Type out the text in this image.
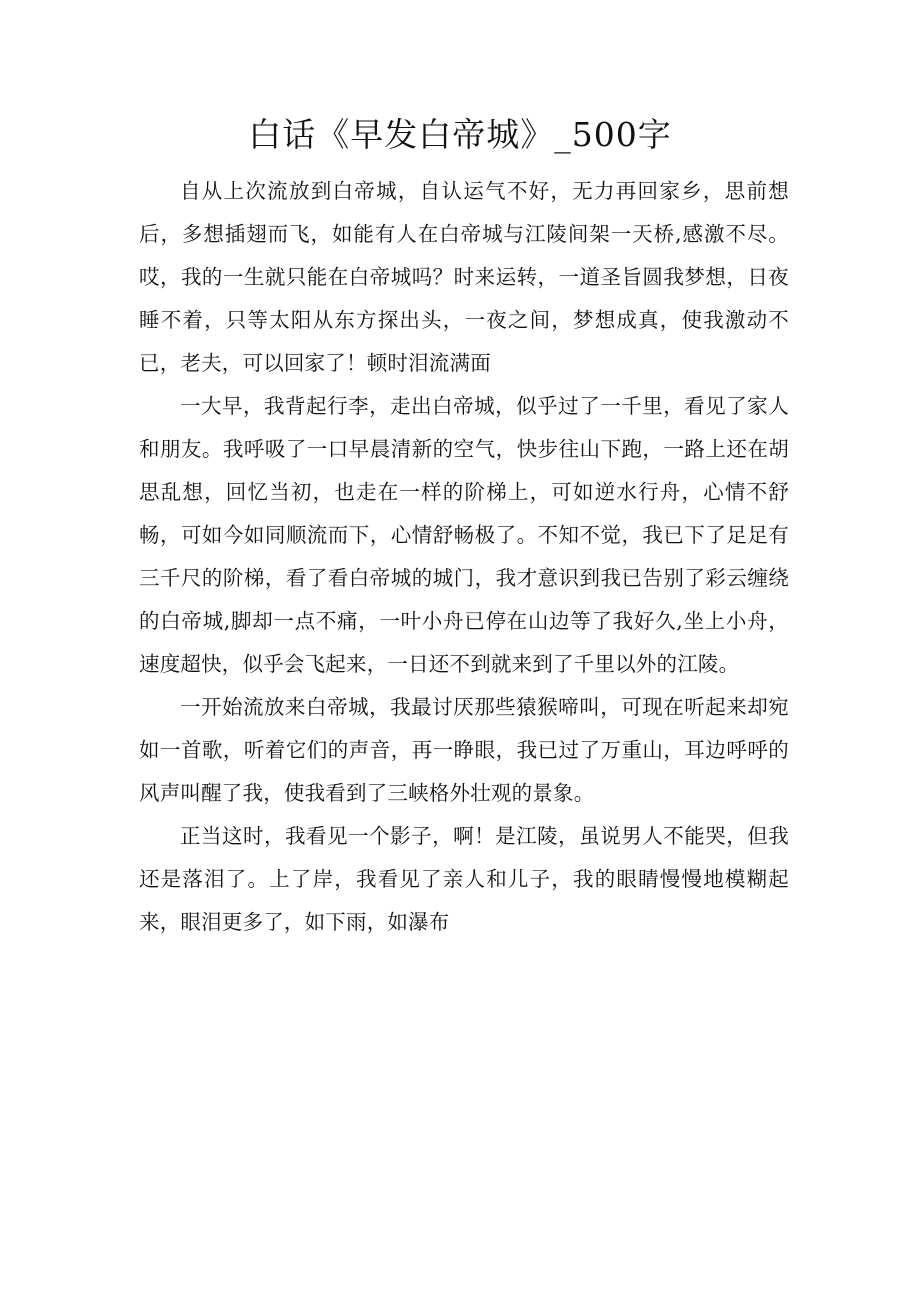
白话《早发白帝城》_500字

自从上次流放到白帝城，自认运气不好，无力再回家乡，思前想后，多想插翅而飞，如能有人在白帝城与江陵间架一天桥,感激不尽。哎，我的一生就只能在白帝城吗？时来运转，一道圣旨圆我梦想，日夜睡不着，只等太阳从东方探出头，一夜之间，梦想成真，使我激动不已，老夫，可以回家了！顿时泪流满面

一大早，我背起行李，走出白帝城，似乎过了一千里，看见了家人和朋友。我呼吸了一口早晨清新的空气，快步往山下跑，一路上还在胡思乱想，回忆当初，也走在一样的阶梯上，可如逆水行舟，心情不舒畅，可如今如同顺流而下，心情舒畅极了。不知不觉，我已下了足足有三千尺的阶梯，看了看白帝城的城门，我才意识到我已告别了彩云缠绕的白帝城,脚却一点不痛，一叶小舟已停在山边等了我好久,坐上小舟，速度超快，似乎会飞起来，一日还不到就来到了千里以外的江陵。

一开始流放来白帝城，我最讨厌那些猿猴啼叫，可现在听起来却宛如一首歌，听着它们的声音，再一睁眼，我已过了万重山，耳边呼呼的风声叫醒了我，使我看到了三峡格外壮观的景象。

正当这时，我看见一个影子，啊！是江陵，虽说男人不能哭，但我还是落泪了。上了岸，我看见了亲人和儿子，我的眼睛慢慢地模糊起来，眼泪更多了，如下雨，如瀑布
